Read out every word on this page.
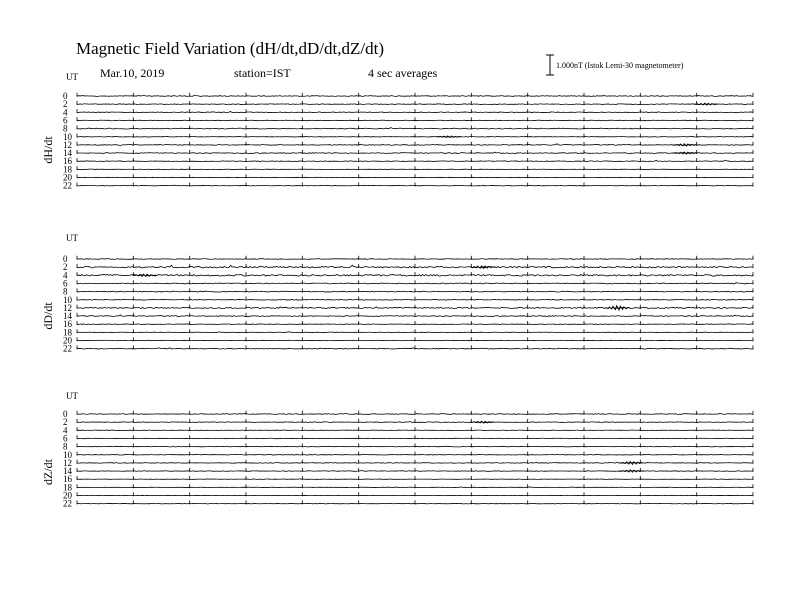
Magnetic Field Variation (dH/dt,dD/dt,dZ/dt)
Mar.10, 2019	station=IST	4 sec averages
1.000nT (Istok Lemi-30 magnetometer)
UT
dH/dt
0
2
4
6
8
10
12
14
16
18
20
22
UT
dD/dt
0
2
4
6
8
10
12
14
16
18
20
22
UT
dZ/dt
0
2
4
6
8
10
12
14
16
18
20
22
